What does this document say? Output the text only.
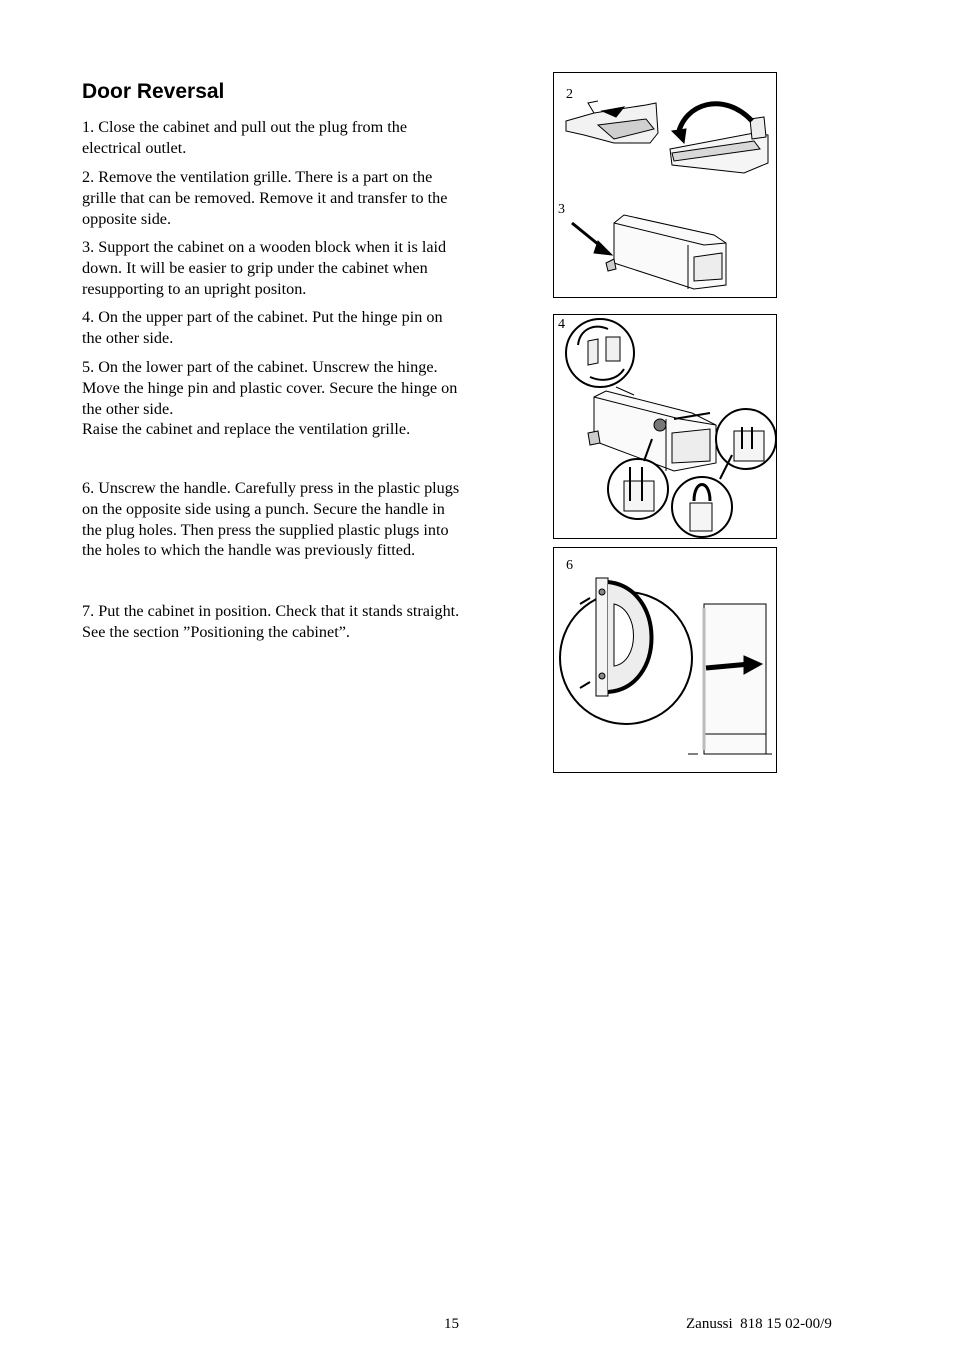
Door Reversal

1. Close the cabinet and pull out the plug from the electrical outlet.

2. Remove the ventilation grille. There is a part on the grille that can be removed. Remove it and transfer to the opposite side.

3. Support the cabinet on a wooden block when it is laid down. It will be easier to grip under the cabinet when resupporting to an upright positon.

4. On the upper part of the cabinet. Put the hinge pin on the other side.

5. On the lower part of the cabinet. Unscrew the hinge. Move the hinge pin and plastic cover. Secure the hinge on the other side.

Raise the cabinet and replace the ventilation grille.

6. Unscrew the handle. Carefully press in the plastic plugs on the opposite side using a punch. Secure the handle in the plug holes. Then press the supplied plastic plugs into the holes to which the handle was previously fitted.

7. Put the cabinet in position. Check that it stands straight. See the section ”Positioning the cabinet”.

2
3
4
6
15	Zanussi  818 15 02-00/9
